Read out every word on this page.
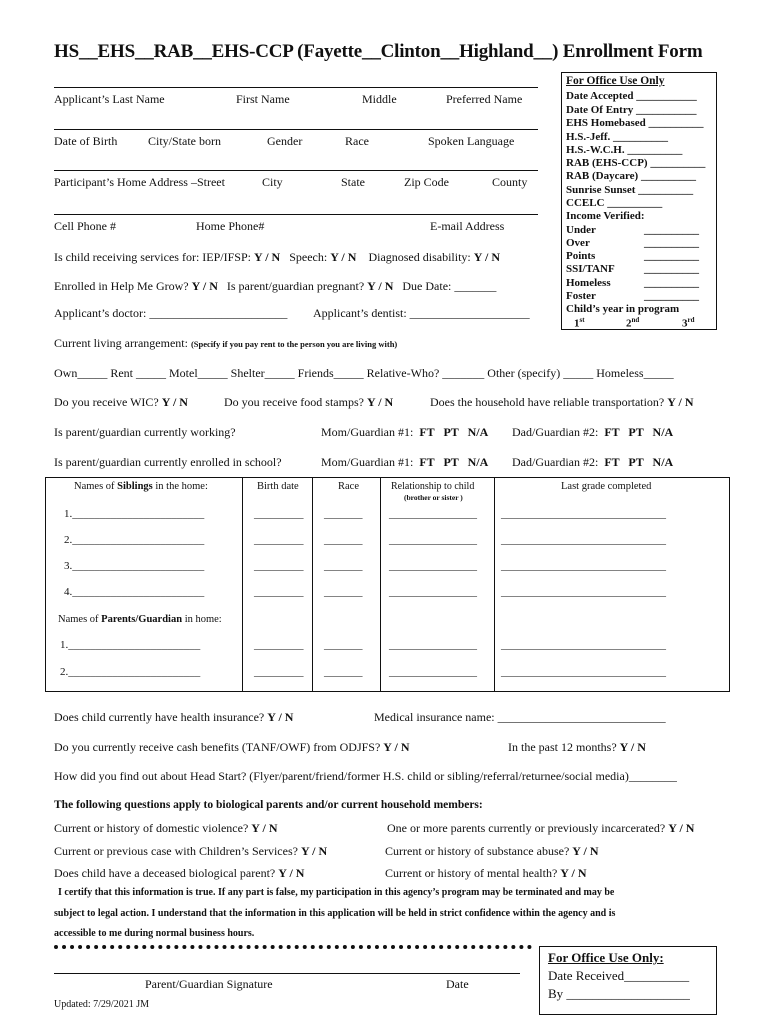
HS__EHS__RAB__EHS-CCP (Fayette__Clinton__Highland__) Enrollment Form
Applicant’s Last Name	First Name	Middle	Preferred Name
Date of Birth	City/State born	Gender	Race	Spoken Language
Participant’s Home Address –Street	City	State	Zip Code	County
Cell Phone #	Home Phone#	E-mail Address
For Office Use Only
Date Accepted ___________
Date Of Entry ___________
EHS Homebased __________
H.S.-Jeff. __________
H.S.-W.C.H. __________
RAB (EHS-CCP) __________
RAB (Daycare) __________
Sunrise Sunset __________
CCELC __________
Income Verified:
Under	__________
Over	__________
Points	__________
SSI/TANF	__________
Homeless	__________
Foster	__________
Child’s year in program
1st	2nd	3rd
Is child receiving services for: IEP/IFSP: Y / N Speech: Y / N Diagnosed disability: Y / N
Enrolled in Help Me Grow? Y / N Is parent/guardian pregnant? Y / N Due Date: _______
Applicant’s doctor: _______________________ Applicant’s dentist: ____________________
Current living arrangement: (Specify if you pay rent to the person you are living with)
Own_____ Rent _____ Motel_____ Shelter_____ Friends_____ Relative-Who? _______ Other (specify) _____ Homeless_____
Do you receive WIC? Y / N	Do you receive food stamps? Y / N	Does the household have reliable transportation? Y / N
Is parent/guardian currently working?	Mom/Guardian #1: FT   PT   N/A Dad/Guardian #2: FT   PT   N/A
Is parent/guardian currently enrolled in school?	Mom/Guardian #1: FT   PT   N/A Dad/Guardian #2: FT   PT   N/A
Names of Siblings in the home:	Birth date	Race	Relationship to child
(brother or sister )
Last grade completed
1.________________________	_________ _______ ________________ ______________________________
2.________________________	_________ _______ ________________ ______________________________
3.________________________	_________ _______ ________________ ______________________________
4.________________________	_________ _______ ________________ ______________________________
Names of Parents/Guardian in home:
1.________________________	_________ _______ ________________ ______________________________
2.________________________	_________ _______ ________________ ______________________________
Does child currently have health insurance? Y / N	Medical insurance name: ____________________________
Do you currently receive cash benefits (TANF/OWF) from ODJFS? Y / N	In the past 12 months? Y / N
How did you find out about Head Start? (Flyer/parent/friend/former H.S. child or sibling/referral/returnee/social media)________
The following questions apply to biological parents and/or current household members:
Current or history of domestic violence? Y / N	One or more parents currently or previously incarcerated? Y / N
Current or previous case with Children’s Services? Y / N	Current or history of substance abuse? Y / N
Does child have a deceased biological parent? Y / N	Current or history of mental health? Y / N
I certify that this information is true. If any part is false, my participation in this agency’s program may be terminated and may be
subject to legal action. I understand that the information in this application will be held in strict confidence within the agency and is
accessible to me during normal business hours.
Parent/Guardian Signature	Date
Updated: 7/29/2021 JM
For Office Use Only:
Date Received__________
By ___________________
